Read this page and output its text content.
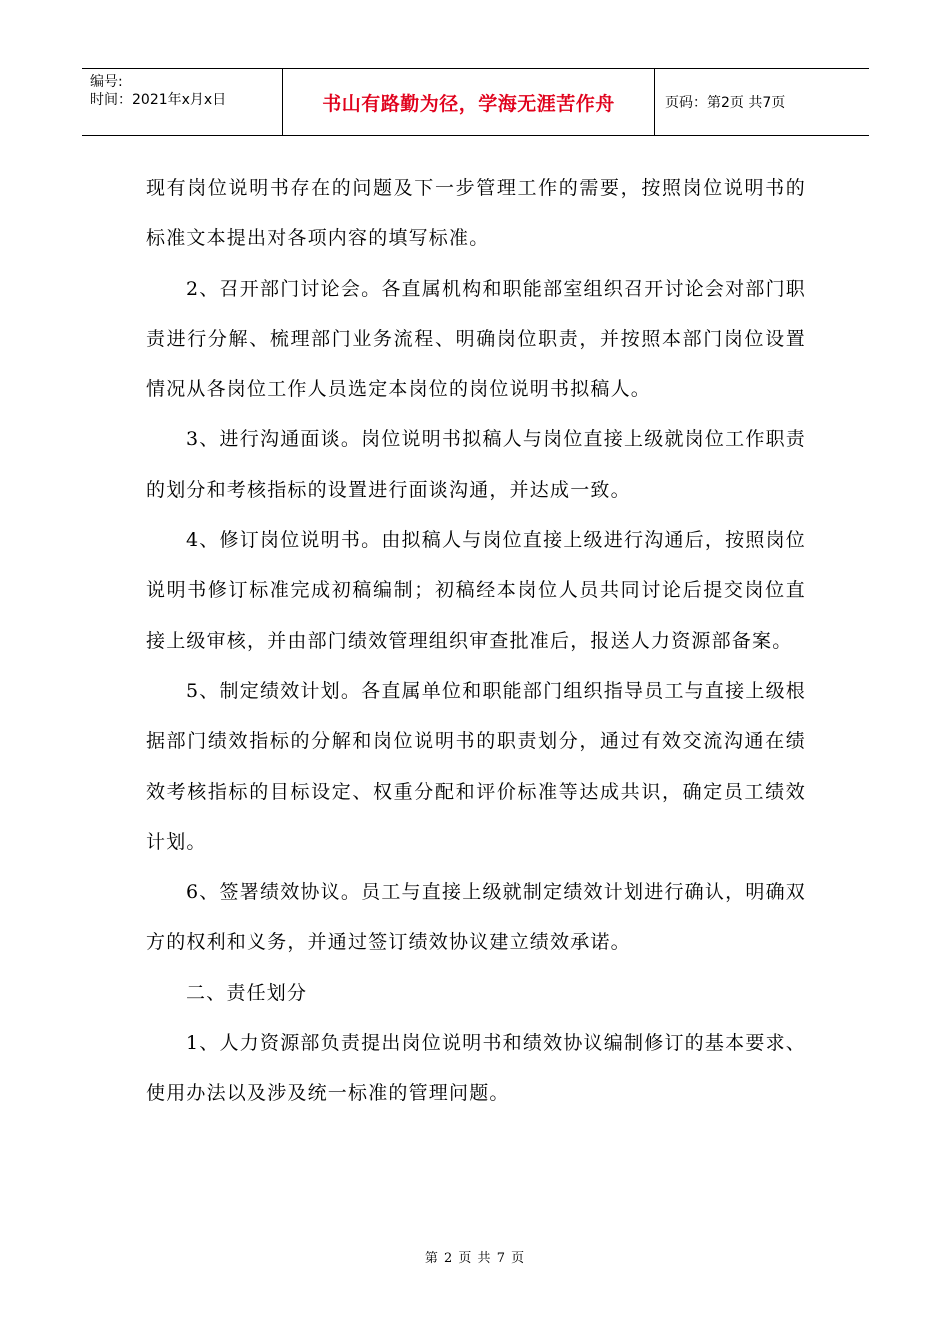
编号:
时间：2021年x月x日	书山有路勤为径，学海无涯苦作舟	页码：第2页 共7页

现有岗位说明书存在的问题及下一步管理工作的需要，按照岗位说明书的标准文本提出对各项内容的填写标准。

2、召开部门讨论会。各直属机构和职能部室组织召开讨论会对部门职责进行分解、梳理部门业务流程、明确岗位职责，并按照本部门岗位设置情况从各岗位工作人员选定本岗位的岗位说明书拟稿人。

3、进行沟通面谈。岗位说明书拟稿人与岗位直接上级就岗位工作职责的划分和考核指标的设置进行面谈沟通，并达成一致。

4、修订岗位说明书。由拟稿人与岗位直接上级进行沟通后，按照岗位说明书修订标准完成初稿编制；初稿经本岗位人员共同讨论后提交岗位直接上级审核，并由部门绩效管理组织审查批准后，报送人力资源部备案。

5、制定绩效计划。各直属单位和职能部门组织指导员工与直接上级根据部门绩效指标的分解和岗位说明书的职责划分，通过有效交流沟通在绩效考核指标的目标设定、权重分配和评价标准等达成共识，确定员工绩效计划。

6、签署绩效协议。员工与直接上级就制定绩效计划进行确认，明确双方的权利和义务，并通过签订绩效协议建立绩效承诺。

二、责任划分

1、人力资源部负责提出岗位说明书和绩效协议编制修订的基本要求、使用办法以及涉及统一标准的管理问题。

第 2 页 共 7 页
